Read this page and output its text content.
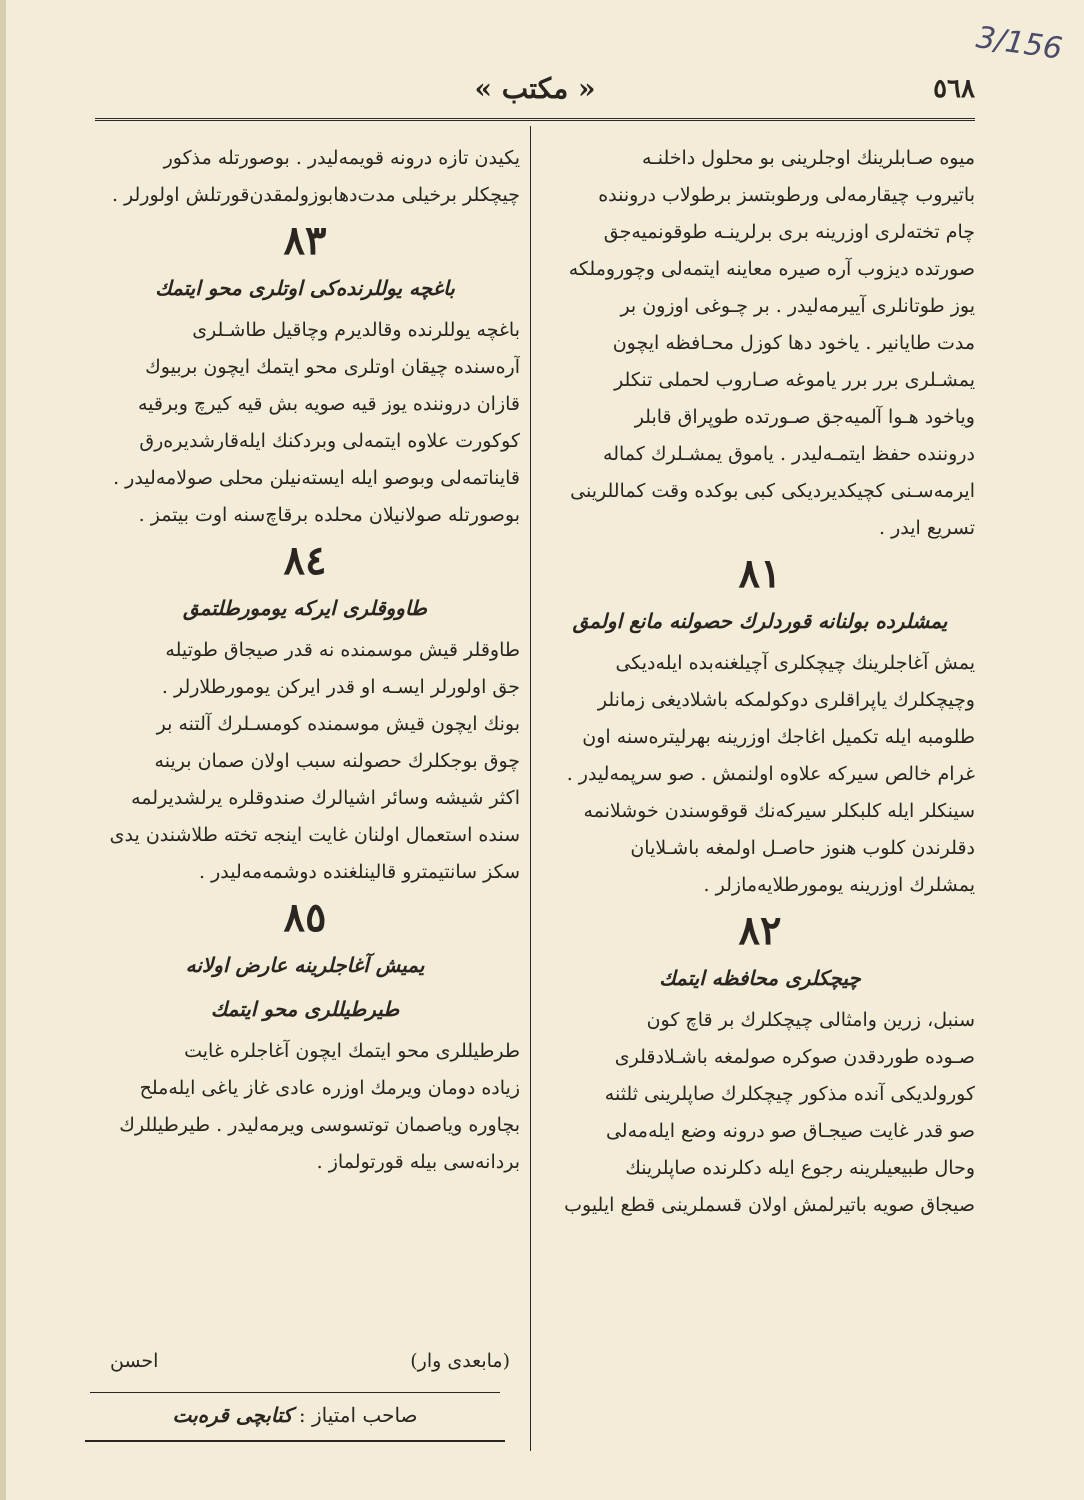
3/156
« مكتب »	٥٦٨
میوه صـابلرینك اوجلرینی بو محلول داخلنـه
باتیروب چیقارمەلی ورطوبتسز برطولاب درونندە
چام تختەلری اوزرینه بری برلرینـه طوقونمیەجق
صورتده دیزوب آره صیره معاینه ایتمەلی وچوروملكه
یوز طوتانلری آییرمەلیدر . بر چـوغی اوزون بر
مدت طایانیر . یاخود دها کوزل محـافظه ایچون
یمشـلری برر برر یاموغه صـاروب لحملی تنكلر
ویاخود هـوا آلمیەجق صـورتده طوپراق قابلر
درونندە حفظ ایتمـەلیدر . یاموق یمشـلرك كماله
ایرمەسـنی كچیكدیردیكی كبی بوكده وقت كماللرینی
تسریع ایدر .
٨١
یمشلرده بولنانه قوردلرك حصولنه مانع اولمق
یمش آغاجلرینك چیچكلری آچیلغنه‌بده ایلەدیكی
وچیچكلرك یاپراقلری دوكولمكه باشلادیغی زمانلر
طلومبه ایله تكمیل اغاجك اوزرینه بهرلیترەسنه اون
غرام خالص سیركه علاوه اولنمش . صو سرپمەلیدر .
سینكلر ایله كلبكلر سیركەنك قوقوسندن خوشلانمه
دقلرندن كلوب هنوز حاصـل اولمغه باشـلایان
یمشلرك اوزرینه یومورطلایەمازلر .
٨٢
چیچكلری محافظه ایتمك
سنبل، زرین وامثالی چیچكلرك بر قاچ كون
صـوده طوردقدن صوكره صولمغه باشـلادقلری
كورولدیكی آنده مذكور چیچكلرك صاپلرینی ثلثنه
صو قدر غایت صیجـاق صو درونه وضع ایلەمەلی
وحال طبیعیلرینه رجوع ایله دكلرنده صاپلرینك
صیجاق صویه باتیرلمش اولان قسملرینی قطع ایلیوب
یكیدن تازه درونه قویمەلیدر . بوصورتله مذكور
چیچكلر برخیلی مدت‌دهابوزولمقدن‌قورتلش اولورلر .
٨٣
باغچه یوللرندەكی اوتلری محو ایتمك
باغچه یوللرنده وقالدیرم وچاقیل طاشـلری
آرەسنده چیقان اوتلری محو ایتمك ایچون بربیوك
قازان درونندە یوز قیه صویه بش قیه كیرچ وبرقیه
كوكورت علاوه ایتمەلی وبردكنك ایلەقارشدیرەرق
قایناتمەلی وبوصو ایله ایستەنیلن محلی صولامەلیدر .
بوصورتله صولانیلان محلده برقاچ‌سنه اوت بیتمز .
٨٤
طاووقلری ایركه یومورطلتمق
طاوقلر قیش موسمنده نه قدر صیجاق طوتیله‌
جق اولورلر ایسـه او قدر ایركن یومورطلارلر .
بونك ایچون قیش موسمنده كومسـلرك آلتنه بر
چوق بوجكلرك حصولنه سبب اولان صمان برینه
اكثر شیشه وسائر اشیالرك صندوقلره یرلشدیرلمه‌
سنده استعمال اولنان غایت اینجه تخته طلاشندن یدی
سكز سانتیمترو قالینلغنده دوشمەمەلیدر .
٨٥
یمیش آغاجلرینه عارض اولانه
طیرطیللری محو ایتمك
طرطیللری محو ایتمك ایچون آغاجلره غایت
زیاده دومان ویرمك اوزره عادی غاز یاغی ایلەملح
بچاوره ویاصمان توتسوسی ویرمەلیدر . طیرطیللرك
بردانەسی بیله قورتولماز .
(مابعدی وار)
احسن
صاحب امتیاز : كتابچی قرەبت
